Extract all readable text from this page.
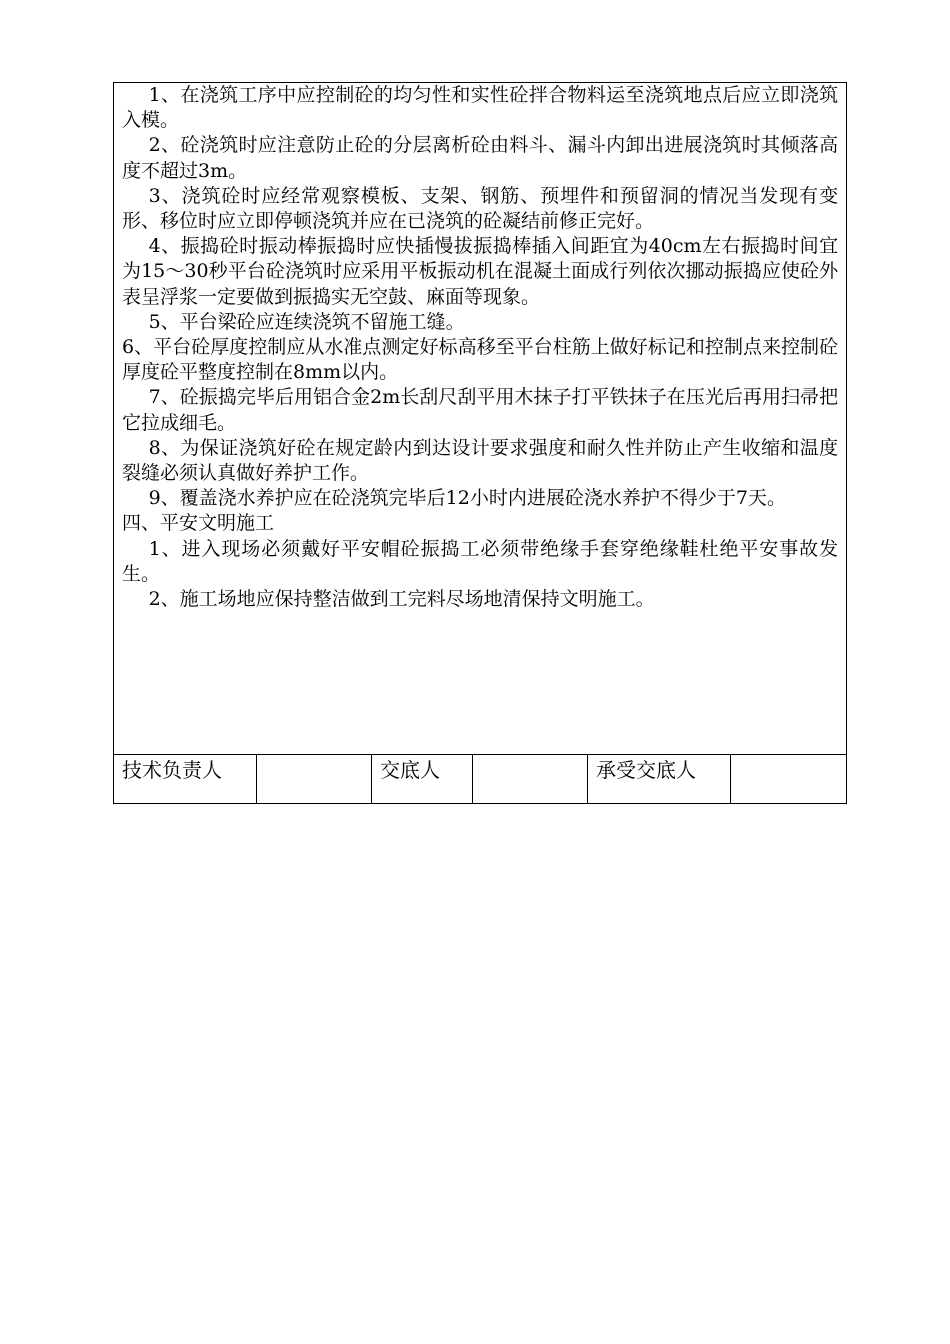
1、在浇筑工序中应控制砼的均匀性和实性砼拌合物料运至浇筑地点后应立即浇筑入模。

2、砼浇筑时应注意防止砼的分层离析砼由料斗、漏斗内卸出进展浇筑时其倾落高度不超过3m。

3、浇筑砼时应经常观察模板、支架、钢筋、预埋件和预留洞的情况当发现有变形、移位时应立即停顿浇筑并应在已浇筑的砼凝结前修正完好。

4、振捣砼时振动棒振捣时应快插慢拔振捣棒插入间距宜为40cm左右振捣时间宜为15～30秒平台砼浇筑时应采用平板振动机在混凝土面成行列依次挪动振捣应使砼外表呈浮浆一定要做到振捣实无空鼓、麻面等现象。

5、平台梁砼应连续浇筑不留施工缝。

6、平台砼厚度控制应从水准点测定好标高移至平台柱筋上做好标记和控制点来控制砼厚度砼平整度控制在8mm以内。

7、砼振捣完毕后用铝合金2m长刮尺刮平用木抹子打平铁抹子在压光后再用扫帚把它拉成细毛。

8、为保证浇筑好砼在规定龄内到达设计要求强度和耐久性并防止产生收缩和温度裂缝必须认真做好养护工作。

9、覆盖浇水养护应在砼浇筑完毕后12小时内进展砼浇水养护不得少于7天。

四、平安文明施工

1、进入现场必须戴好平安帽砼振捣工必须带绝缘手套穿绝缘鞋杜绝平安事故发生。

2、施工场地应保持整洁做到工完料尽场地清保持文明施工。

技术负责人		交底人		承受交底人	
